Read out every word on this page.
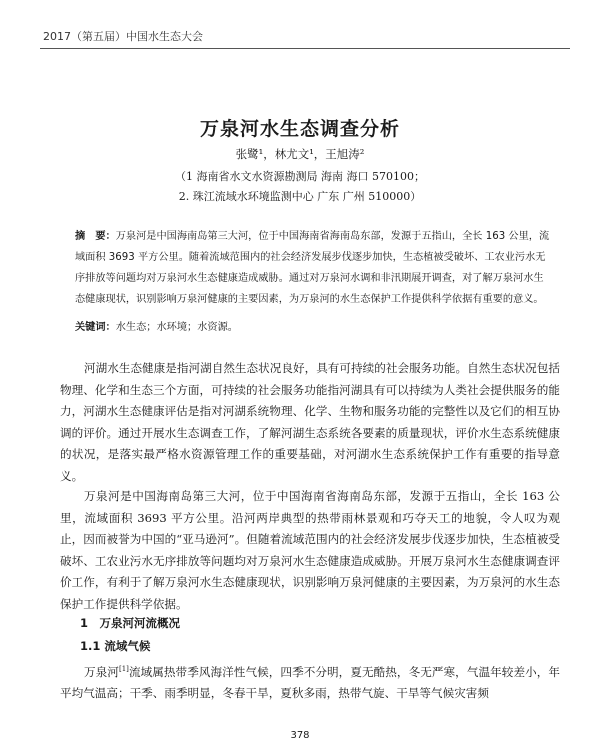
2017（第五届）中国水生态大会
万泉河水生态调查分析
张鹭¹，林尤文¹，王旭涛²
（1 海南省水文水资源勘测局 海南 海口 570100；
2. 珠江流域水环境监测中心 广东 广州 510000）
摘　要：万泉河是中国海南岛第三大河，位于中国海南省海南岛东部，发源于五指山，全长 163 公里，流域面积 3693 平方公里。随着流域范围内的社会经济发展步伐逐步加快，生态植被受破坏、工农业污水无序排放等问题均对万泉河水生态健康造成威胁。通过对万泉河水调和非汛期展开调查，对了解万泉河水生态健康现状，识别影响万泉河健康的主要因素，为万泉河的水生态保护工作提供科学依据有重要的意义。
关键词：水生态；水环境；水资源。
河湖水生态健康是指河湖自然生态状况良好，具有可持续的社会服务功能。自然生态状况包括物理、化学和生态三个方面，可持续的社会服务功能指河湖具有可以持续为人类社会提供服务的能力，河湖水生态健康评估是指对河湖系统物理、化学、生物和服务功能的完整性以及它们的相互协调的评价。通过开展水生态调查工作，了解河湖生态系统各要素的质量现状，评价水生态系统健康的状况，是落实最严格水资源管理工作的重要基础，对河湖水生态系统保护工作有重要的指导意义。
万泉河是中国海南岛第三大河，位于中国海南省海南岛东部，发源于五指山，全长 163 公里，流域面积 3693 平方公里。沿河两岸典型的热带雨林景观和巧夺天工的地貌，令人叹为观止，因而被誉为中国的“亚马逊河”。但随着流域范围内的社会经济发展步伐逐步加快，生态植被受破坏、工农业污水无序排放等问题均对万泉河水生态健康造成威胁。开展万泉河水生态健康调查评价工作，有利于了解万泉河水生态健康现状，识别影响万泉河健康的主要因素，为万泉河的水生态保护工作提供科学依据。
1　万泉河河流概况
1.1 流域气候
万泉河[1]流域属热带季风海洋性气候，四季不分明，夏无酷热，冬无严寒，气温年较差小，年平均气温高；干季、雨季明显，冬春干旱，夏秋多雨，热带气旋、干旱等气候灾害频
378
